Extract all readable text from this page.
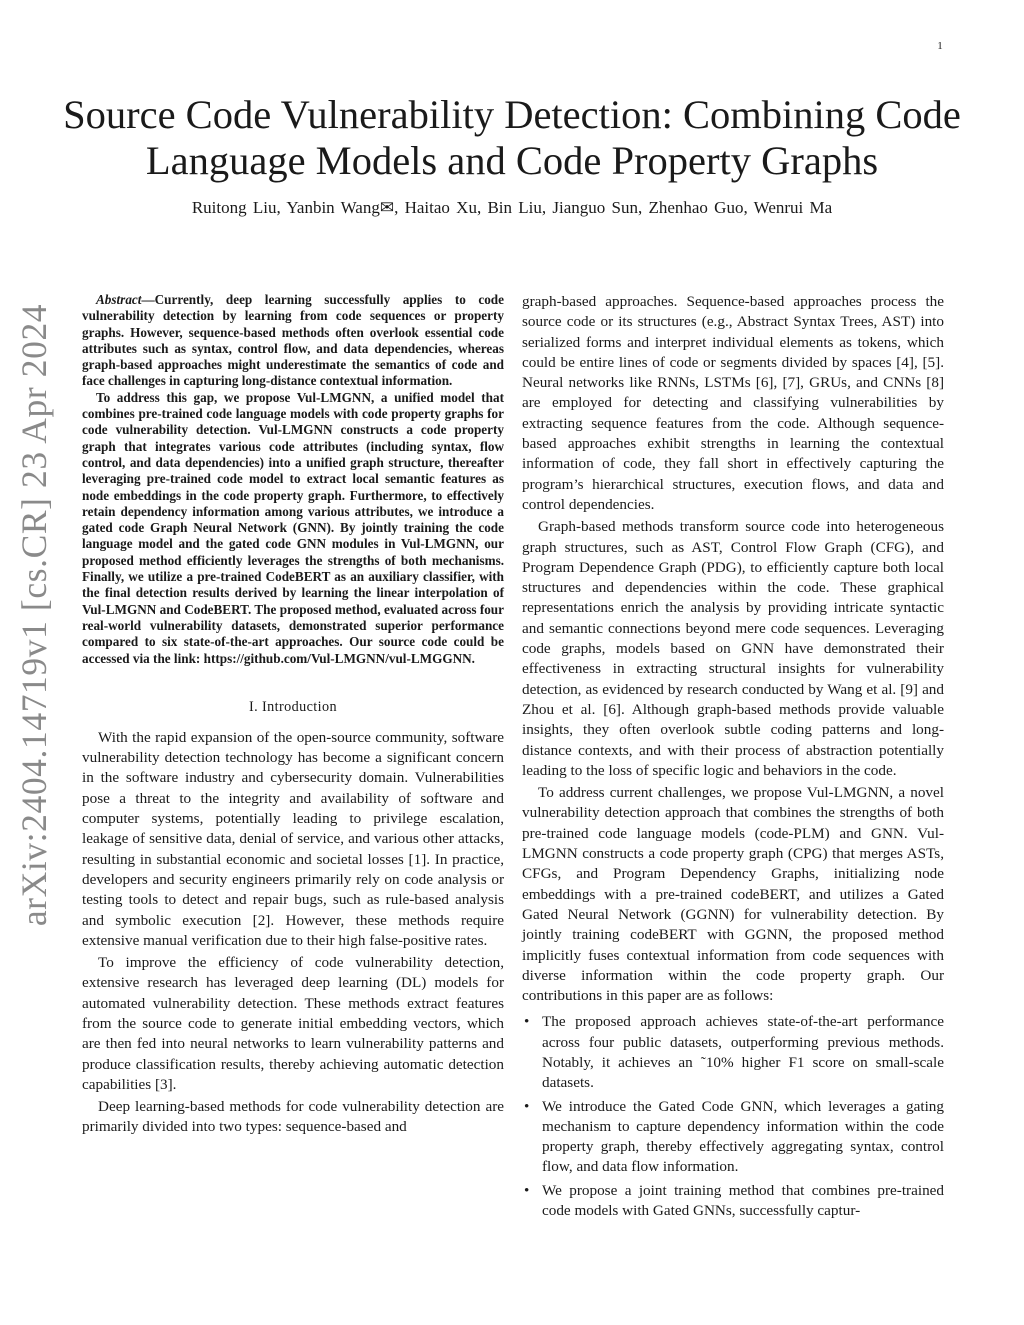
1
arXiv:2404.14719v1 [cs.CR] 23 Apr 2024
Source Code Vulnerability Detection: Combining Code Language Models and Code Property Graphs
Ruitong Liu, Yanbin Wang✉, Haitao Xu, Bin Liu, Jianguo Sun, Zhenhao Guo, Wenrui Ma

Abstract—Currently, deep learning successfully applies to code vulnerability detection by learning from code sequences or property graphs. However, sequence-based methods often overlook essential code attributes such as syntax, control flow, and data dependencies, whereas graph-based approaches might underestimate the semantics of code and face challenges in capturing long-distance contextual information.

To address this gap, we propose Vul-LMGNN, a unified model that combines pre-trained code language models with code property graphs for code vulnerability detection. Vul-LMGNN constructs a code property graph that integrates various code attributes (including syntax, flow control, and data dependencies) into a unified graph structure, thereafter leveraging pre-trained code model to extract local semantic features as node embeddings in the code property graph. Furthermore, to effectively retain dependency information among various attributes, we introduce a gated code Graph Neural Network (GNN). By jointly training the code language model and the gated code GNN modules in Vul-LMGNN, our proposed method efficiently leverages the strengths of both mechanisms. Finally, we utilize a pre-trained CodeBERT as an auxiliary classifier, with the final detection results derived by learning the linear interpolation of Vul-LMGNN and CodeBERT. The proposed method, evaluated across four real-world vulnerability datasets, demonstrated superior performance compared to six state-of-the-art approaches. Our source code could be accessed via the link: https://github.com/Vul-LMGNN/vul-LMGGNN.

I. Introduction

With the rapid expansion of the open-source community, software vulnerability detection technology has become a significant concern in the software industry and cybersecurity domain. Vulnerabilities pose a threat to the integrity and availability of software and computer systems, potentially leading to privilege escalation, leakage of sensitive data, denial of service, and various other attacks, resulting in substantial economic and societal losses [1]. In practice, developers and security engineers primarily rely on code analysis or testing tools to detect and repair bugs, such as rule-based analysis and symbolic execution [2]. However, these methods require extensive manual verification due to their high false-positive rates.

To improve the efficiency of code vulnerability detection, extensive research has leveraged deep learning (DL) models for automated vulnerability detection. These methods extract features from the source code to generate initial embedding vectors, which are then fed into neural networks to learn vulnerability patterns and produce classification results, thereby achieving automatic detection capabilities [3].

Deep learning-based methods for code vulnerability detection are primarily divided into two types: sequence-based and

graph-based approaches. Sequence-based approaches process the source code or its structures (e.g., Abstract Syntax Trees, AST) into serialized forms and interpret individual elements as tokens, which could be entire lines of code or segments divided by spaces [4], [5]. Neural networks like RNNs, LSTMs [6], [7], GRUs, and CNNs [8] are employed for detecting and classifying vulnerabilities by extracting sequence features from the code. Although sequence-based approaches exhibit strengths in learning the contextual information of code, they fall short in effectively capturing the program’s hierarchical structures, execution flows, and data and control dependencies.

Graph-based methods transform source code into heterogeneous graph structures, such as AST, Control Flow Graph (CFG), and Program Dependence Graph (PDG), to efficiently capture both local structures and dependencies within the code. These graphical representations enrich the analysis by providing intricate syntactic and semantic connections beyond mere code sequences. Leveraging code graphs, models based on GNN have demonstrated their effectiveness in extracting structural insights for vulnerability detection, as evidenced by research conducted by Wang et al. [9] and Zhou et al. [6]. Although graph-based methods provide valuable insights, they often overlook subtle coding patterns and long-distance contexts, and with their process of abstraction potentially leading to the loss of specific logic and behaviors in the code.

To address current challenges, we propose Vul-LMGNN, a novel vulnerability detection approach that combines the strengths of both pre-trained code language models (code-PLM) and GNN. Vul-LMGNN constructs a code property graph (CPG) that merges ASTs, CFGs, and Program Dependency Graphs, initializing node embeddings with a pre-trained codeBERT, and utilizes a Gated Gated Neural Network (GGNN) for vulnerability detection. By jointly training codeBERT with GGNN, the proposed method implicitly fuses contextual information from code sequences with diverse information within the code property graph. Our contributions in this paper are as follows:

• The proposed approach achieves state-of-the-art performance across four public datasets, outperforming previous methods. Notably, it achieves an ˜10% higher F1 score on small-scale datasets.
• We introduce the Gated Code GNN, which leverages a gating mechanism to capture dependency information within the code property graph, thereby effectively aggregating syntax, control flow, and data flow information.
• We propose a joint training method that combines pre-trained code models with Gated GNNs, successfully captur-
